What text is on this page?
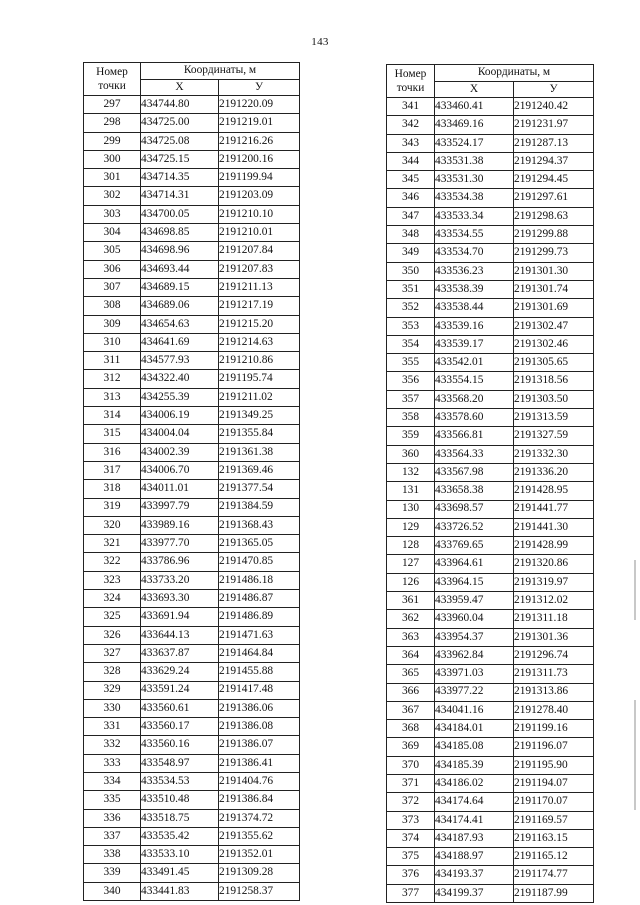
143
Номер точки	Координаты, м	
	X	У
297	434744.80	2191220.09
298	434725.00	2191219.01
299	434725.08	2191216.26
300	434725.15	2191200.16
301	434714.35	2191199.94
302	434714.31	2191203.09
303	434700.05	2191210.10
304	434698.85	2191210.01
305	434698.96	2191207.84
306	434693.44	2191207.83
307	434689.15	2191211.13
308	434689.06	2191217.19
309	434654.63	2191215.20
310	434641.69	2191214.63
311	434577.93	2191210.86
312	434322.40	2191195.74
313	434255.39	2191211.02
314	434006.19	2191349.25
315	434004.04	2191355.84
316	434002.39	2191361.38
317	434006.70	2191369.46
318	434011.01	2191377.54
319	433997.79	2191384.59
320	433989.16	2191368.43
321	433977.70	2191365.05
322	433786.96	2191470.85
323	433733.20	2191486.18
324	433693.30	2191486.87
325	433691.94	2191486.89
326	433644.13	2191471.63
327	433637.87	2191464.84
328	433629.24	2191455.88
329	433591.24	2191417.48
330	433560.61	2191386.06
331	433560.17	2191386.08
332	433560.16	2191386.07
333	433548.97	2191386.41
334	433534.53	2191404.76
335	433510.48	2191386.84
336	433518.75	2191374.72
337	433535.42	2191355.62
338	433533.10	2191352.01
339	433491.45	2191309.28
340	433441.83	2191258.37
Номер точки	Координаты, м	
	X	У
341	433460.41	2191240.42
342	433469.16	2191231.97
343	433524.17	2191287.13
344	433531.38	2191294.37
345	433531.30	2191294.45
346	433534.38	2191297.61
347	433533.34	2191298.63
348	433534.55	2191299.88
349	433534.70	2191299.73
350	433536.23	2191301.30
351	433538.39	2191301.74
352	433538.44	2191301.69
353	433539.16	2191302.47
354	433539.17	2191302.46
355	433542.01	2191305.65
356	433554.15	2191318.56
357	433568.20	2191303.50
358	433578.60	2191313.59
359	433566.81	2191327.59
360	433564.33	2191332.30
132	433567.98	2191336.20
131	433658.38	2191428.95
130	433698.57	2191441.77
129	433726.52	2191441.30
128	433769.65	2191428.99
127	433964.61	2191320.86
126	433964.15	2191319.97
361	433959.47	2191312.02
362	433960.04	2191311.18
363	433954.37	2191301.36
364	433962.84	2191296.74
365	433971.03	2191311.73
366	433977.22	2191313.86
367	434041.16	2191278.40
368	434184.01	2191199.16
369	434185.08	2191196.07
370	434185.39	2191195.90
371	434186.02	2191194.07
372	434174.64	2191170.07
373	434174.41	2191169.57
374	434187.93	2191163.15
375	434188.97	2191165.12
376	434193.37	2191174.77
377	434199.37	2191187.99
